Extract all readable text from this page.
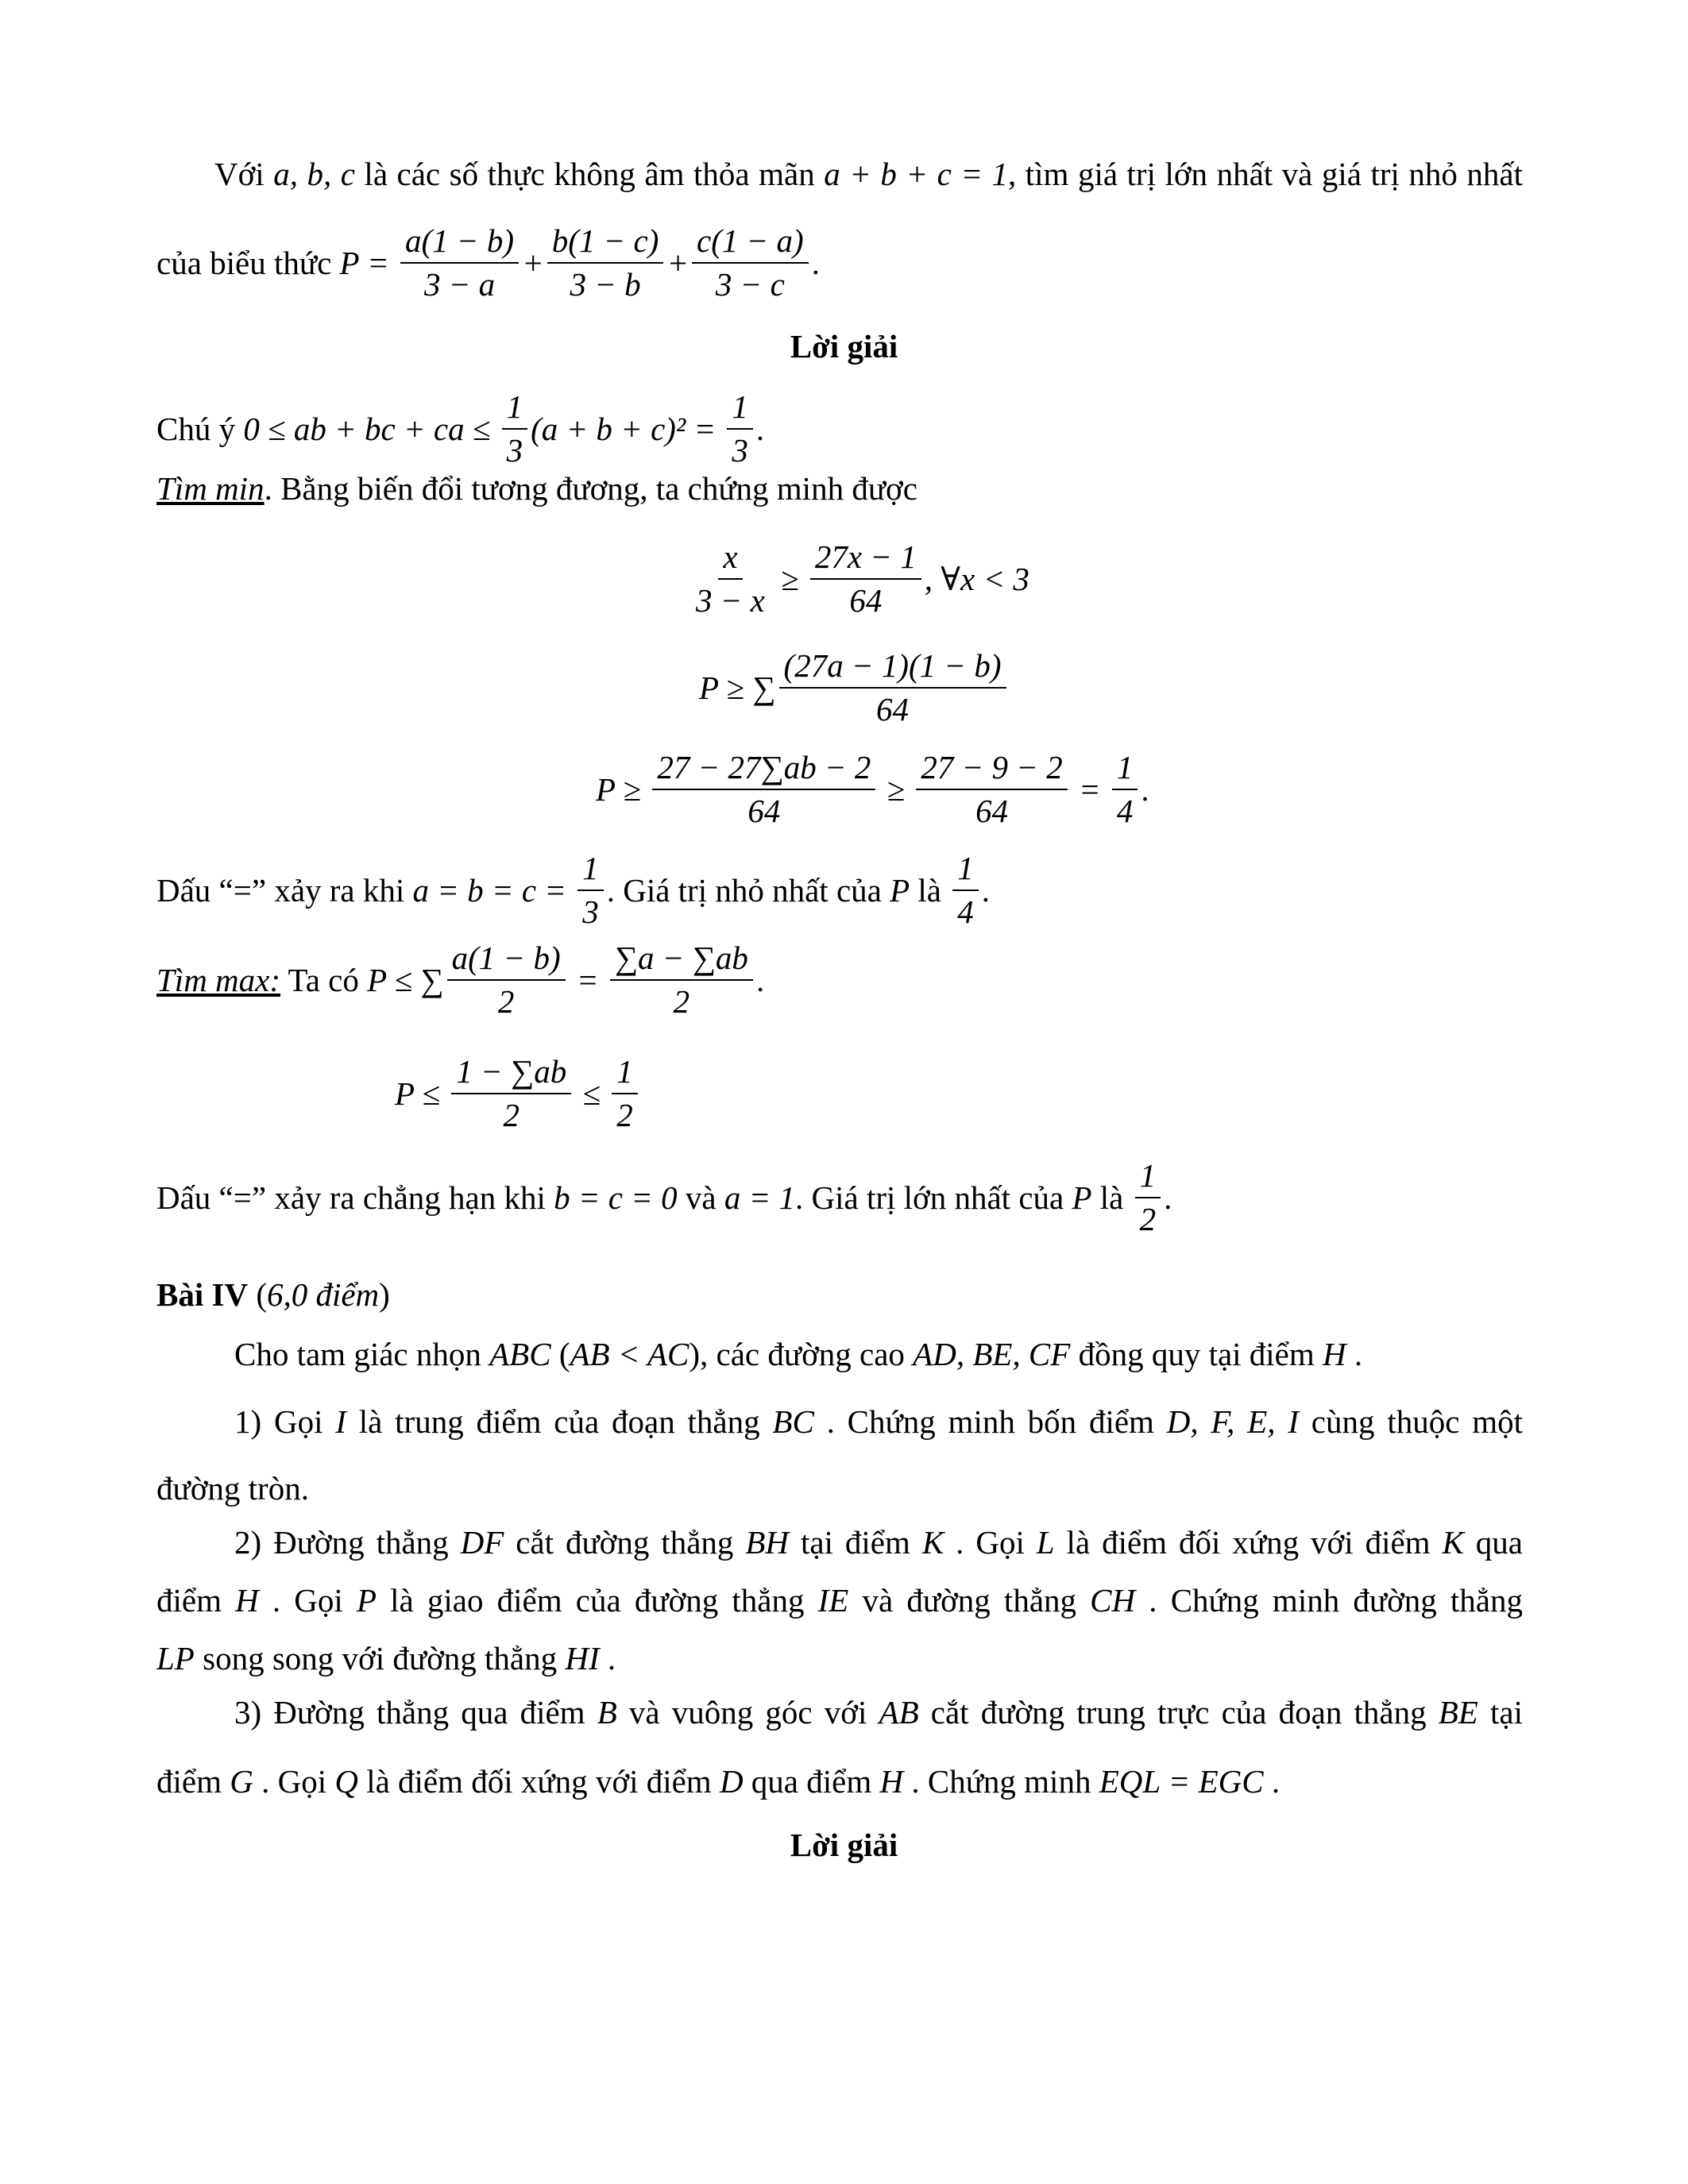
Với a, b, c là các số thực không âm thỏa mãn a + b + c = 1, tìm giá trị lớn nhất và giá trị nhỏ nhất
của biểu thức $P = \frac{a(1 - b)}{3 - a} + \frac{b(1 - c)}{3 - b} + \frac{c(1 - a)}{3 - c}$ .
Lời giải
Chú ý 0 ≤ ab + bc + ca ≤ $\frac{1}{3} (a + b + c)^2 = \frac{1}{3}$ .
Tìm min . Bằng biến đổi tương đương, ta chứng minh được
$\frac{x}{3 - x} \ge \frac{27x - 1}{64}$ , ∀x < 3
P ≥ ∑ $\frac{(27a - 1)(1 - b)}{64}$
$P \ge \frac{27 - 27\sum ab - 2}{64} \ge \frac{27 - 9 - 2}{64} = \frac{1}{4}$ .
Dấu “=” xảy ra khi $a = b = c = \frac{1}{3}$ . Giá trị nhỏ nhất của P là $\frac{1}{4}$ .
Tìm max: Ta có P ≤ ∑ $\frac{a(1 - b)}{2} = \frac{\sum a - \sum ab}{2}$ .
$P \le \frac{1 - \sum ab}{2} \le \frac{1}{2}$
Dấu “=” xảy ra chẳng hạn khi b = c = 0 và a = 1 . Giá trị lớn nhất của P là $\frac{1}{2}$ .
Bài IV ( 6,0 điểm )
Cho tam giác nhọn ABC ( AB < AC ), các đường cao AD, BE, CF đồng quy tại điểm H .
1) Gọi I là trung điểm của đoạn thẳng BC . Chứng minh bốn điểm D, F, E, I cùng thuộc một
đường tròn.
2) Đường thẳng DF cắt đường thẳng BH tại điểm K . Gọi L là điểm đối xứng với điểm K qua
điểm H . Gọi P là giao điểm của đường thẳng IE và đường thẳng CH . Chứng minh đường thẳng
LP song song với đường thẳng HI .
3) Đường thẳng qua điểm B và vuông góc với AB cắt đường trung trực của đoạn thẳng BE tại
điểm G . Gọi Q là điểm đối xứng với điểm D qua điểm H . Chứng minh EQL = EGC .
Lời giải
